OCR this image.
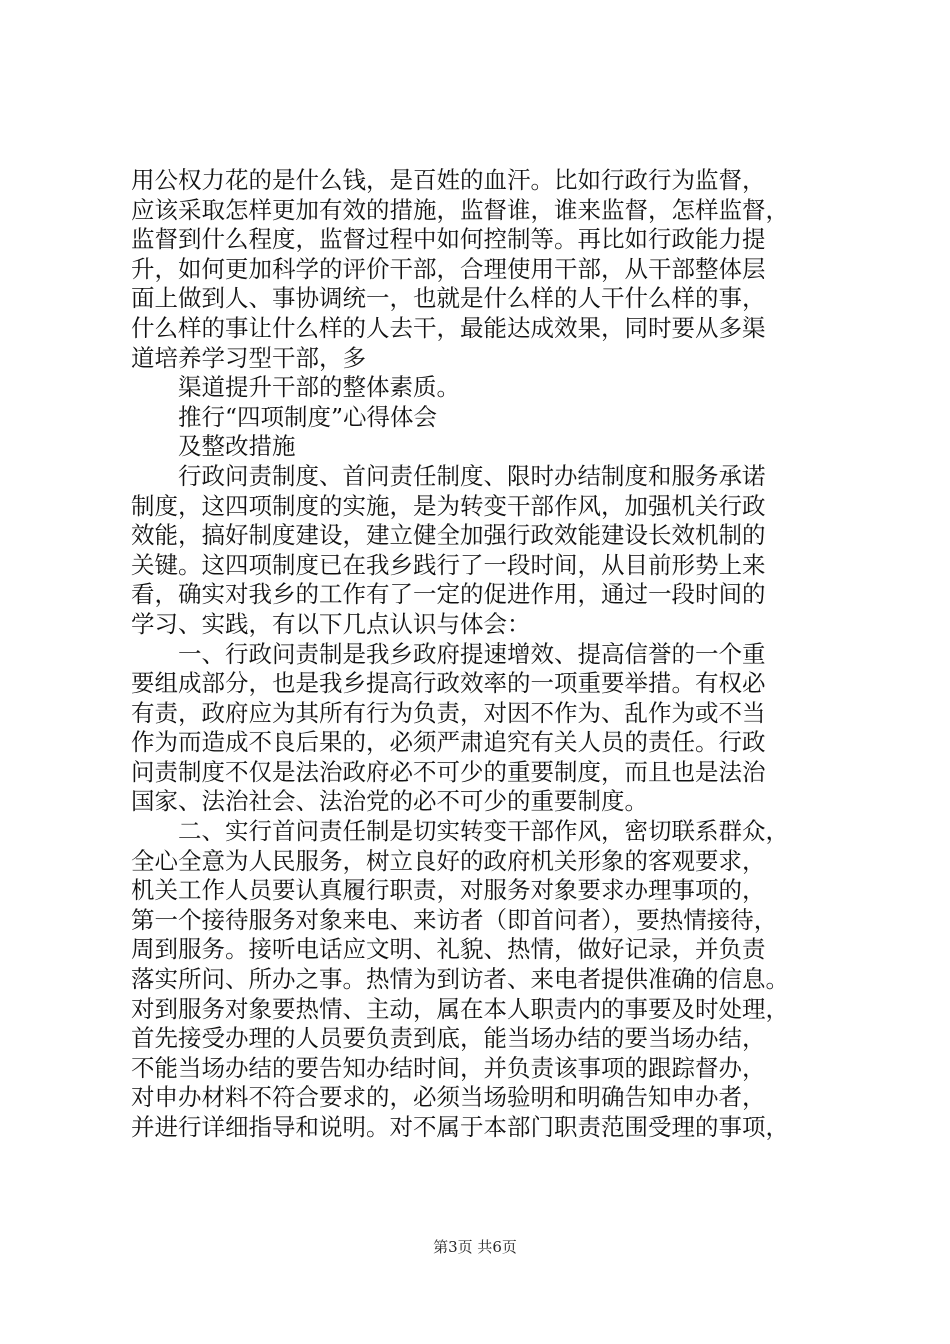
用公权力花的是什么钱，是百姓的血汗。比如行政行为监督，
应该采取怎样更加有效的措施，监督谁，谁来监督，怎样监督，
监督到什么程度，监督过程中如何控制等。再比如行政能力提
升，如何更加科学的评价干部，合理使用干部，从干部整体层
面上做到人、事协调统一，也就是什么样的人干什么样的事，
什么样的事让什么样的人去干，最能达成效果，同时要从多渠
道培养学习型干部，多
渠道提升干部的整体素质。
推行“四项制度”心得体会
及整改措施
行政问责制度、首问责任制度、限时办结制度和服务承诺
制度，这四项制度的实施，是为转变干部作风，加强机关行政
效能，搞好制度建设，建立健全加强行政效能建设长效机制的
关键。这四项制度已在我乡践行了一段时间，从目前形势上来
看，确实对我乡的工作有了一定的促进作用，通过一段时间的
学习、实践，有以下几点认识与体会：
一、行政问责制是我乡政府提速增效、提高信誉的一个重
要组成部分，也是我乡提高行政效率的一项重要举措。有权必
有责，政府应为其所有行为负责，对因不作为、乱作为或不当
作为而造成不良后果的，必须严肃追究有关人员的责任。行政
问责制度不仅是法治政府必不可少的重要制度，而且也是法治
国家、法治社会、法治党的必不可少的重要制度。
二、实行首问责任制是切实转变干部作风，密切联系群众，
全心全意为人民服务，树立良好的政府机关形象的客观要求，
机关工作人员要认真履行职责，对服务对象要求办理事项的，
第一个接待服务对象来电、来访者（即首问者），要热情接待，
周到服务。接听电话应文明、礼貌、热情，做好记录，并负责
落实所问、所办之事。热情为到访者、来电者提供准确的信息。
对到服务对象要热情、主动，属在本人职责内的事要及时处理，
首先接受办理的人员要负责到底，能当场办结的要当场办结，
不能当场办结的要告知办结时间，并负责该事项的跟踪督办，
对申办材料不符合要求的，必须当场验明和明确告知申办者，
并进行详细指导和说明。对不属于本部门职责范围受理的事项，
第3页 共6页
